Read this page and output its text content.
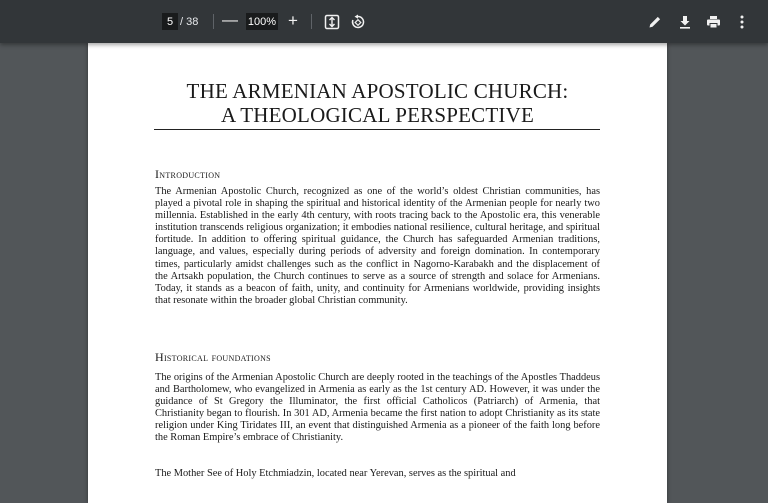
5 / 38 — 100% +
THE ARMENIAN APOSTOLIC CHURCH:
A THEOLOGICAL PERSPECTIVE
Introduction
The Armenian Apostolic Church, recognized as one of the world’s oldest Christian communities, has played a pivotal role in shaping the spiritual and historical identity of the Armenian people for nearly two millennia. Established in the early 4th century, with roots tracing back to the Apostolic era, this venerable institution transcends religious organization; it embodies national resilience, cultural heritage, and spiritual fortitude. In addition to offering spiritual guidance, the Church has safeguarded Armenian traditions, language, and values, especially during periods of adversity and foreign domination. In contemporary times, particularly amidst challenges such as the conflict in Nagorno-Karabakh and the displacement of the Artsakh population, the Church continues to serve as a source of strength and solace for Armenians. Today, it stands as a beacon of faith, unity, and continuity for Armenians worldwide, providing insights that resonate within the broader global Christian community.
Historical foundations
The origins of the Armenian Apostolic Church are deeply rooted in the teachings of the Apostles Thaddeus and Bartholomew, who evangelized in Armenia as early as the 1st century AD. However, it was under the guidance of St Gregory the Illuminator, the first official Catholicos (Patriarch) of Armenia, that Christianity began to flourish. In 301 AD, Armenia became the first nation to adopt Christianity as its state religion under King Tiridates III, an event that distinguished Armenia as a pioneer of the faith long before the Roman Empire’s embrace of Christianity.
The Mother See of Holy Etchmiadzin, located near Yerevan, serves as the spiritual and
